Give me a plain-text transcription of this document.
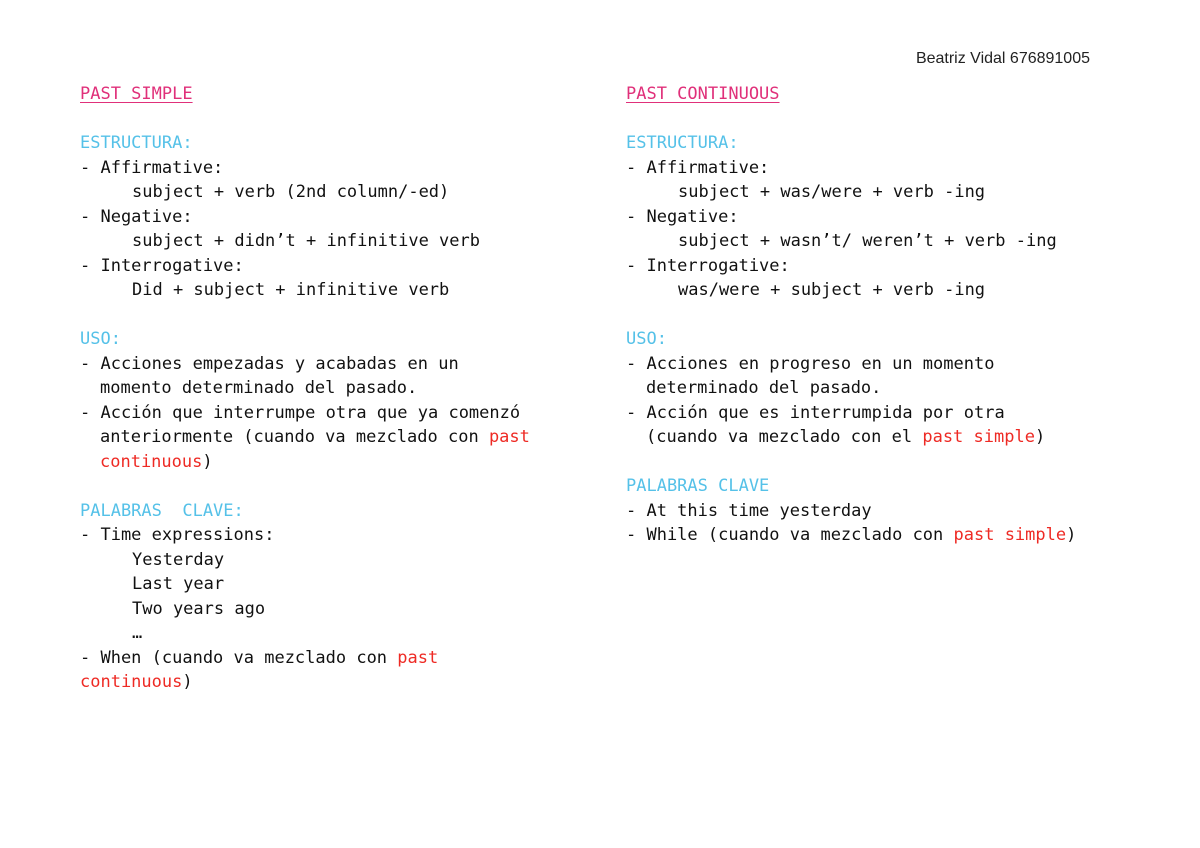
Beatriz Vidal 676891005
PAST SIMPLE
ESTRUCTURA:
- Affirmative:
subject + verb (2nd column/-ed)
- Negative:
subject + didn’t + infinitive verb
- Interrogative:
Did + subject + infinitive verb
USO:
- Acciones empezadas y acabadas en un
momento determinado del pasado.
- Acción que interrumpe otra que ya comenzó
anteriormente (cuando va mezclado con past
continuous)
PALABRAS  CLAVE:
- Time expressions:
Yesterday
Last year
Two years ago
…
- When (cuando va mezclado con past
continuous)
PAST CONTINUOUS
ESTRUCTURA:
- Affirmative:
subject + was/were + verb -ing
- Negative:
subject + wasn’t/ weren’t + verb -ing
- Interrogative:
was/were + subject + verb -ing
USO:
- Acciones en progreso en un momento
determinado del pasado.
- Acción que es interrumpida por otra
(cuando va mezclado con el past simple)
PALABRAS CLAVE
- At this time yesterday
- While (cuando va mezclado con past simple)
